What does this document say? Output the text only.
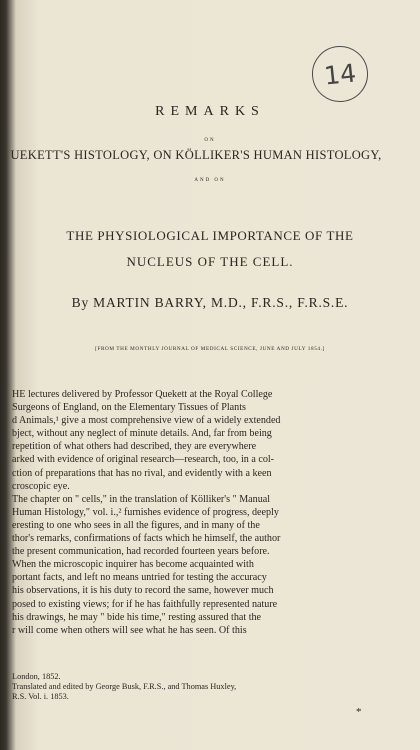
14
REMARKS
ON
UEKETT'S HISTOLOGY, ON KÖLLIKER'S HUMAN HISTOLOGY,
AND ON
THE PHYSIOLOGICAL IMPORTANCE OF THE
NUCLEUS OF THE CELL.
By MARTIN BARRY, M.D., F.R.S., F.R.S.E.
[FROM THE MONTHLY JOURNAL OF MEDICAL SCIENCE, JUNE AND JULY 1854.]
HE lectures delivered by Professor Quekett at the Royal College
Surgeons of England, on the Elementary Tissues of Plants
d Animals,¹ give a most comprehensive view of a widely extended
bject, without any neglect of minute details. And, far from being
repetition of what others had described, they are everywhere
arked with evidence of original research—research, too, in a col-
ction of preparations that has no rival, and evidently with a keen
croscopic eye.
The chapter on " cells," in the translation of Kölliker's " Manual
Human Histology," vol. i.,² furnishes evidence of progress, deeply
eresting to one who sees in all the figures, and in many of the
thor's remarks, confirmations of facts which he himself, the author
the present communication, had recorded fourteen years before.
When the microscopic inquirer has become acquainted with
portant facts, and left no means untried for testing the accuracy
his observations, it is his duty to record the same, however much
posed to existing views; for if he has faithfully represented nature
his drawings, he may " bide his time," resting assured that the
r will come when others will see what he has seen. Of this
London, 1852.
Translated and edited by George Busk, F.R.S., and Thomas Huxley,
R.S. Vol. i. 1853.
*
